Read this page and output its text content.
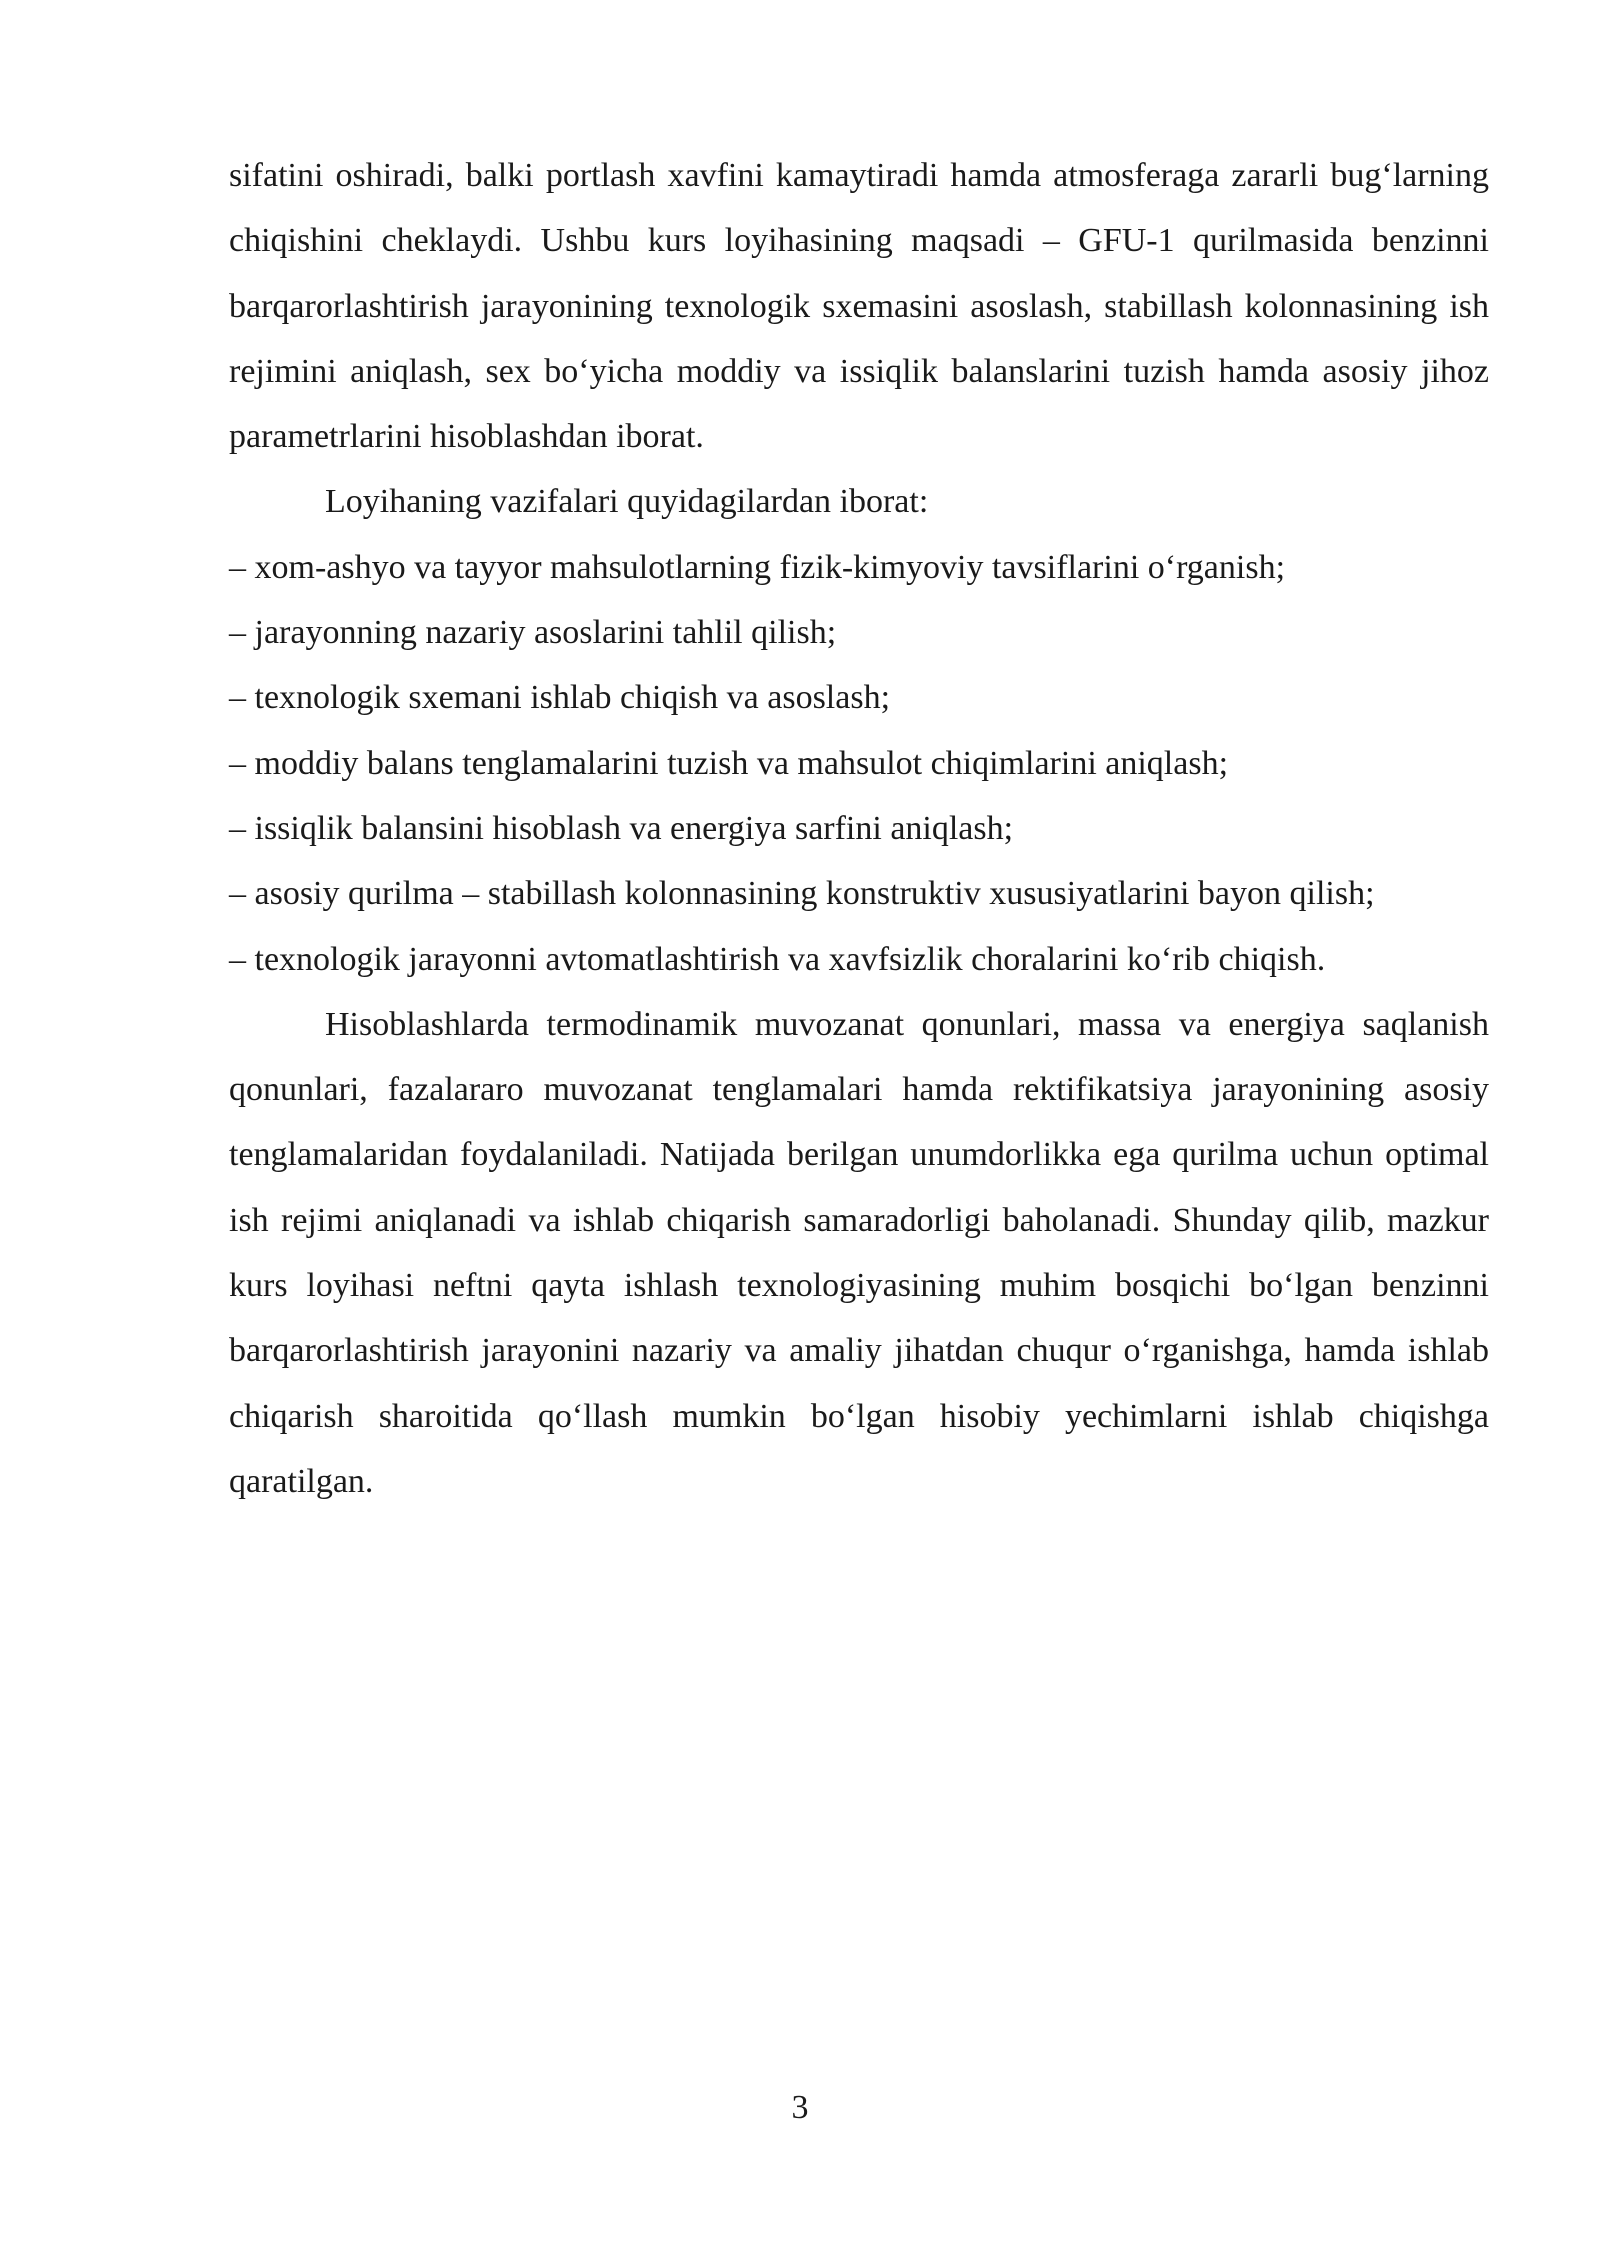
sifatini oshiradi, balki portlash xavfini kamaytiradi hamda atmosferaga zararli bug‘larning chiqishini cheklaydi. Ushbu kurs loyihasining maqsadi – GFU-1 qurilmasida benzinni barqarorlashtirish jarayonining texnologik sxemasini asoslash, stabillash kolonnasining ish rejimini aniqlash, sex bo‘yicha moddiy va issiqlik balanslarini tuzish hamda asosiy jihoz parametrlarini hisoblashdan iborat.

Loyihaning vazifalari quyidagilardan iborat:

– xom-ashyo va tayyor mahsulotlarning fizik-kimyoviy tavsiflarini o‘rganish;
– jarayonning nazariy asoslarini tahlil qilish;
– texnologik sxemani ishlab chiqish va asoslash;
– moddiy balans tenglamalarini tuzish va mahsulot chiqimlarini aniqlash;
– issiqlik balansini hisoblash va energiya sarfini aniqlash;
– asosiy qurilma – stabillash kolonnasining konstruktiv xususiyatlarini bayon qilish;
– texnologik jarayonni avtomatlashtirish va xavfsizlik choralarini ko‘rib chiqish.

Hisoblashlarda termodinamik muvozanat qonunlari, massa va energiya saqlanish qonunlari, fazalararo muvozanat tenglamalari hamda rektifikatsiya jarayonining asosiy tenglamalaridan foydalaniladi. Natijada berilgan unumdorlikka ega qurilma uchun optimal ish rejimi aniqlanadi va ishlab chiqarish samaradorligi baholanadi. Shunday qilib, mazkur kurs loyihasi neftni qayta ishlash texnologiyasining muhim bosqichi bo‘lgan benzinni barqarorlashtirish jarayonini nazariy va amaliy jihatdan chuqur o‘rganishga, hamda ishlab chiqarish sharoitida qo‘llash mumkin bo‘lgan hisobiy yechimlarni ishlab chiqishga qaratilgan.

3
